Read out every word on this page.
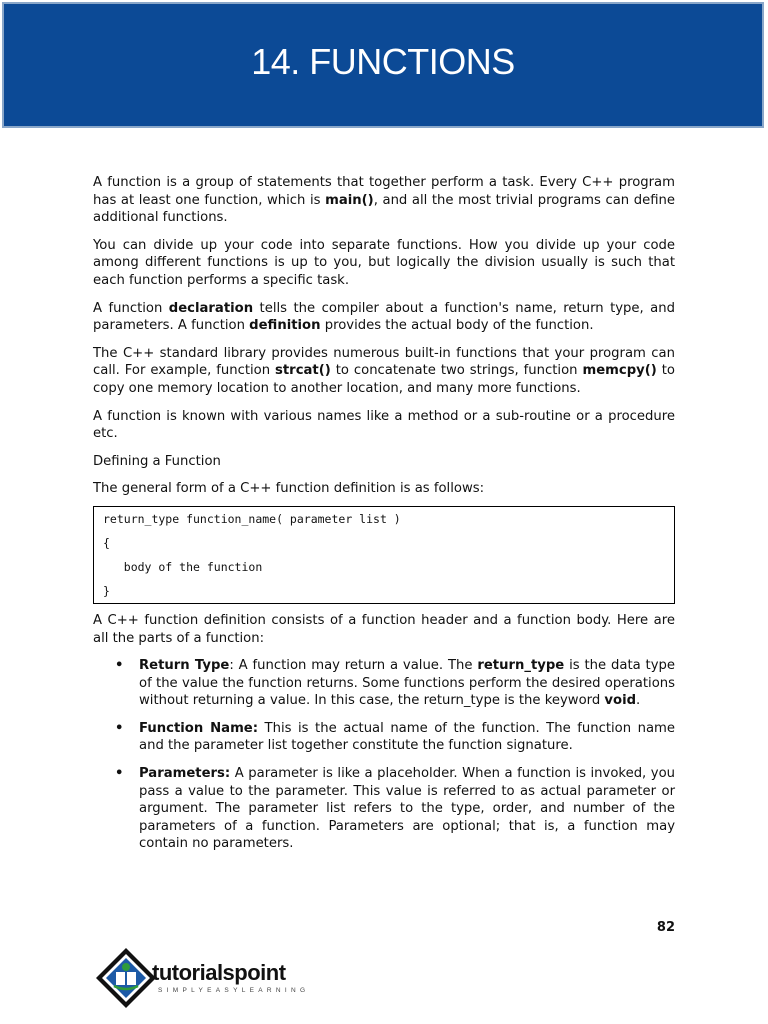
14. FUNCTIONS

A function is a group of statements that together perform a task. Every C++ program has at least one function, which is main(), and all the most trivial programs can define additional functions.

You can divide up your code into separate functions. How you divide up your code among different functions is up to you, but logically the division usually is such that each function performs a specific task.

A function declaration tells the compiler about a function's name, return type, and parameters. A function definition provides the actual body of the function.

The C++ standard library provides numerous built-in functions that your program can call. For example, function strcat() to concatenate two strings, function memcpy() to copy one memory location to another location, and many more functions.

A function is known with various names like a method or a sub-routine or a procedure etc.

Defining a Function

The general form of a C++ function definition is as follows:

return_type function_name( parameter list )
{
body of the function
}

A C++ function definition consists of a function header and a function body. Here are all the parts of a function:

• Return Type: A function may return a value. The return_type is the data type of the value the function returns. Some functions perform the desired operations without returning a value. In this case, the return_type is the keyword void.
• Function Name: This is the actual name of the function. The function name and the parameter list together constitute the function signature.
• Parameters: A parameter is like a placeholder. When a function is invoked, you pass a value to the parameter. This value is referred to as actual parameter or argument. The parameter list refers to the type, order, and number of the parameters of a function. Parameters are optional; that is, a function may contain no parameters.
82
tutorialspoint
SIMPLYEASYLEARNING
